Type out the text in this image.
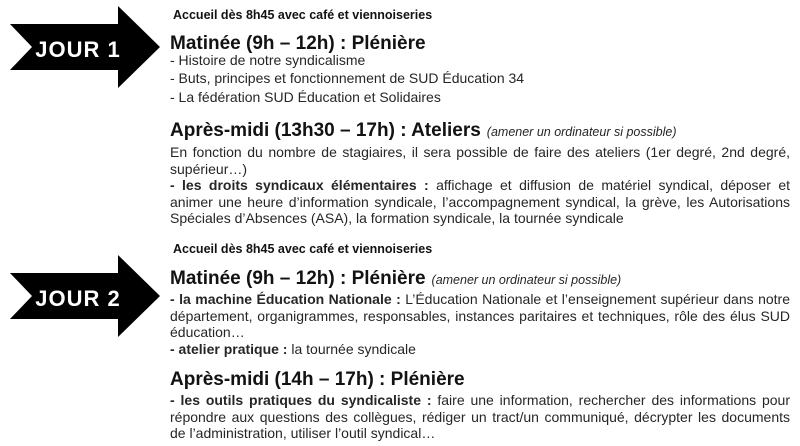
JOUR 1
JOUR 2
Accueil dès 8h45 avec café et viennoiseries
Matinée (9h – 12h) : Plénière
- Histoire de notre syndicalisme
- Buts, principes et fonctionnement de SUD Éducation 34
- La fédération SUD Éducation et Solidaires
Après-midi (13h30 – 17h) : Ateliers (amener un ordinateur si possible)

En fonction du nombre de stagiaires, il sera possible de faire des ateliers (1er degré, 2nd degré, supérieur…)

- les droits syndicaux élémentaires : affichage et diffusion de matériel syndical, déposer et animer une heure d’information syndicale, l’accompagnement syndical, la grève, les Autorisations Spéciales d’Absences (ASA), la formation syndicale, la tournée syndicale

Accueil dès 8h45 avec café et viennoiseries
Matinée (9h – 12h) : Plénière (amener un ordinateur si possible)

- la machine Éducation Nationale : L’Éducation Nationale et l’enseignement supérieur dans notre département, organigrammes, responsables, instances paritaires et techniques, rôle des élus SUD éducation…

- atelier pratique : la tournée syndicale

Après-midi (14h – 17h) : Plénière

- les outils pratiques du syndicaliste : faire une information, rechercher des informations pour répondre aux questions des collègues, rédiger un tract/un communiqué, décrypter les documents de l’administration, utiliser l’outil syndical…
